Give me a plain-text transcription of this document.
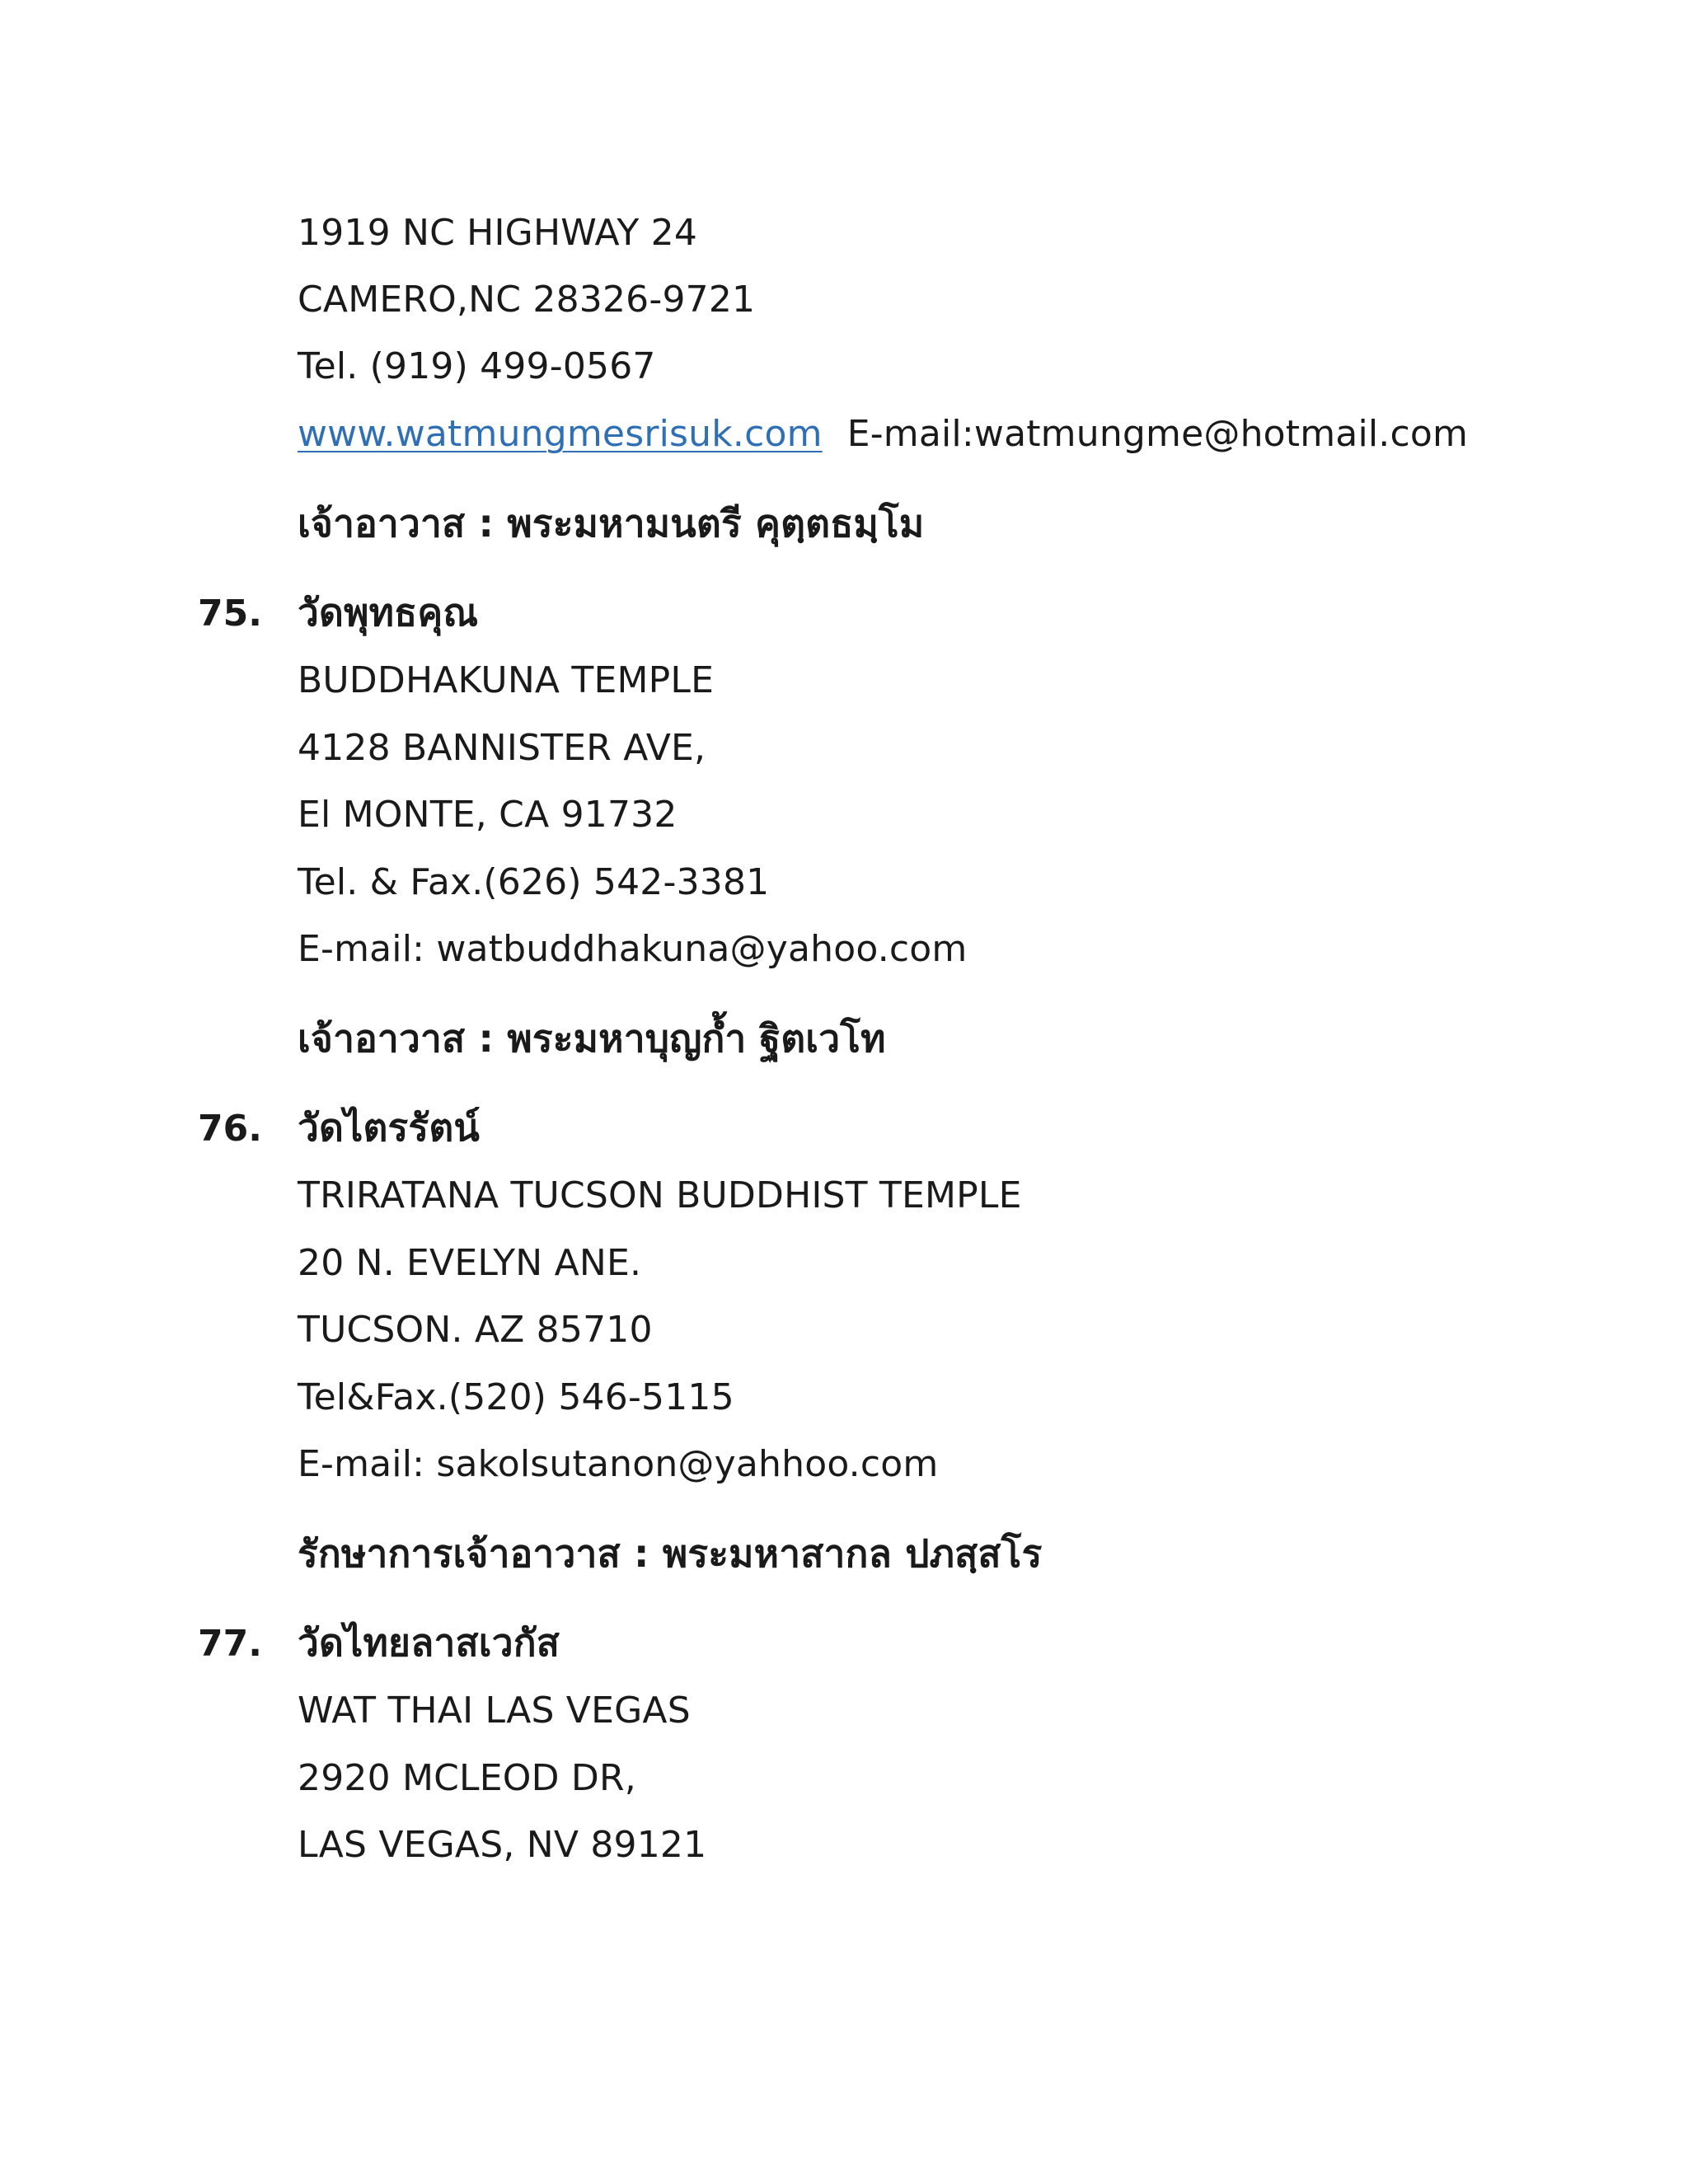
1919 NC HIGHWAY 24
CAMERO,NC 28326-9721
Tel. (919) 499-0567
www.watmungmesrisuk.com E-mail:watmungme@hotmail.com
เจ้าอาวาส : พระมหามนตรี คุตฺตธมฺโม
75. วัดพุทธคุณ
BUDDHAKUNA TEMPLE
4128 BANNISTER AVE,
El MONTE, CA 91732
Tel. & Fax.(626) 542-3381
E-mail: watbuddhakuna@yahoo.com
เจ้าอาวาส : พระมหาบุญก้ำ ฐิตเวโท
76. วัดไตรรัตน์
TRIRATANA TUCSON BUDDHIST TEMPLE
20 N. EVELYN ANE.
TUCSON. AZ 85710
Tel&Fax.(520) 546-5115
E-mail: sakolsutanon@yahhoo.com
รักษาการเจ้าอาวาส : พระมหาสากล ปภสฺสโร
77. วัดไทยลาสเวกัส
WAT THAI LAS VEGAS
2920 MCLEOD DR,
LAS VEGAS, NV 89121
